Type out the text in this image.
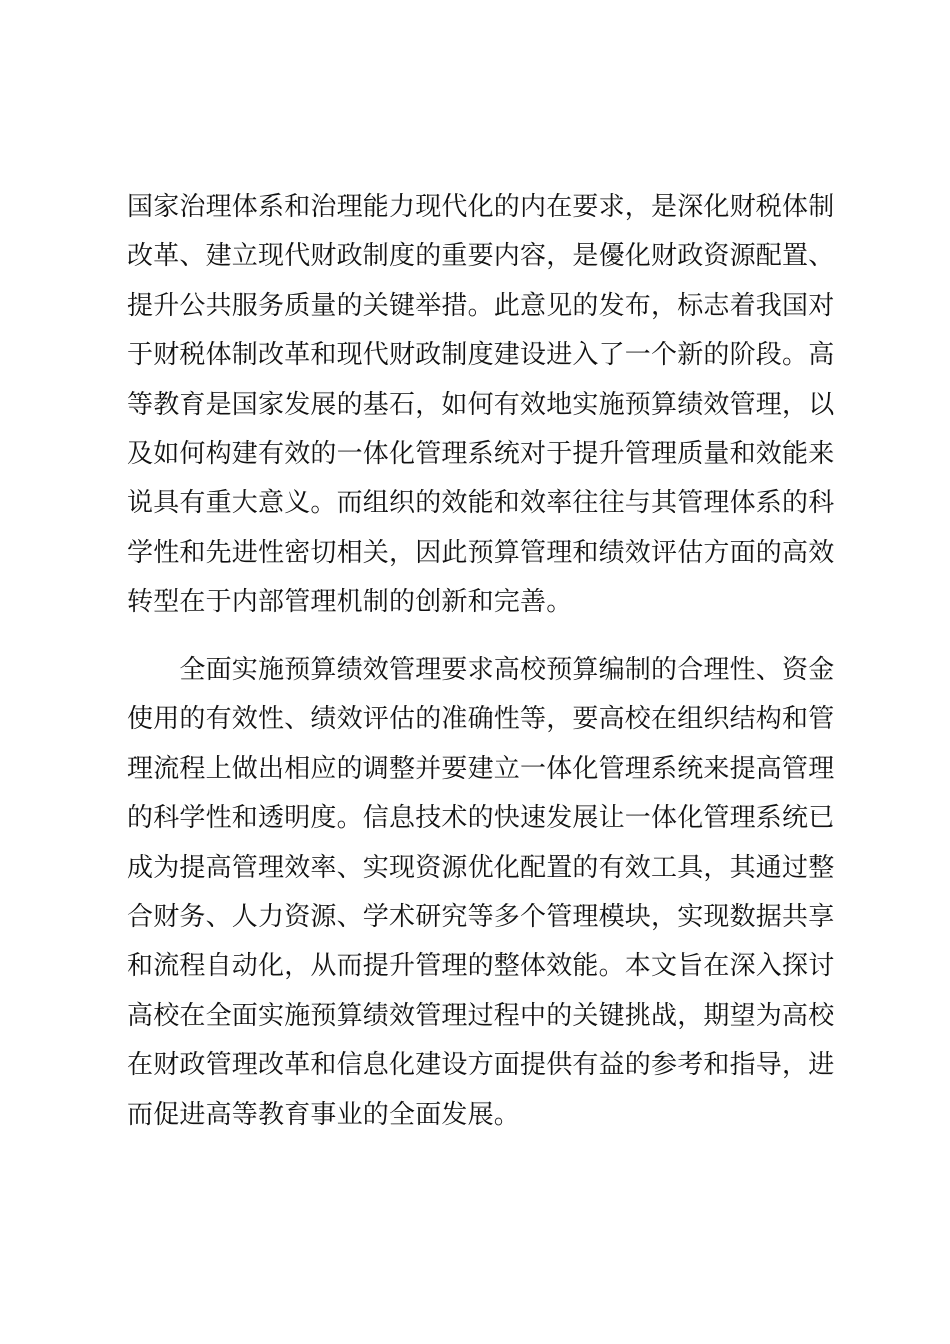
国家治理体系和治理能力现代化的内在要求，是深化财税体制
改革、建立现代财政制度的重要内容，是優化财政资源配置、
提升公共服务质量的关键举措。此意见的发布，标志着我国对
于财税体制改革和现代财政制度建设进入了一个新的阶段。高
等教育是国家发展的基石，如何有效地实施预算绩效管理，以
及如何构建有效的一体化管理系统对于提升管理质量和效能来
说具有重大意义。而组织的效能和效率往往与其管理体系的科
学性和先进性密切相关，因此预算管理和绩效评估方面的高效
转型在于内部管理机制的创新和完善。
　　全面实施预算绩效管理要求高校预算编制的合理性、资金
使用的有效性、绩效评估的准确性等，要高校在组织结构和管
理流程上做出相应的调整并要建立一体化管理系统来提高管理
的科学性和透明度。信息技术的快速发展让一体化管理系统已
成为提高管理效率、实现资源优化配置的有效工具，其通过整
合财务、人力资源、学术研究等多个管理模块，实现数据共享
和流程自动化，从而提升管理的整体效能。本文旨在深入探讨
高校在全面实施预算绩效管理过程中的关键挑战，期望为高校
在财政管理改革和信息化建设方面提供有益的参考和指导，进
而促进高等教育事业的全面发展。
